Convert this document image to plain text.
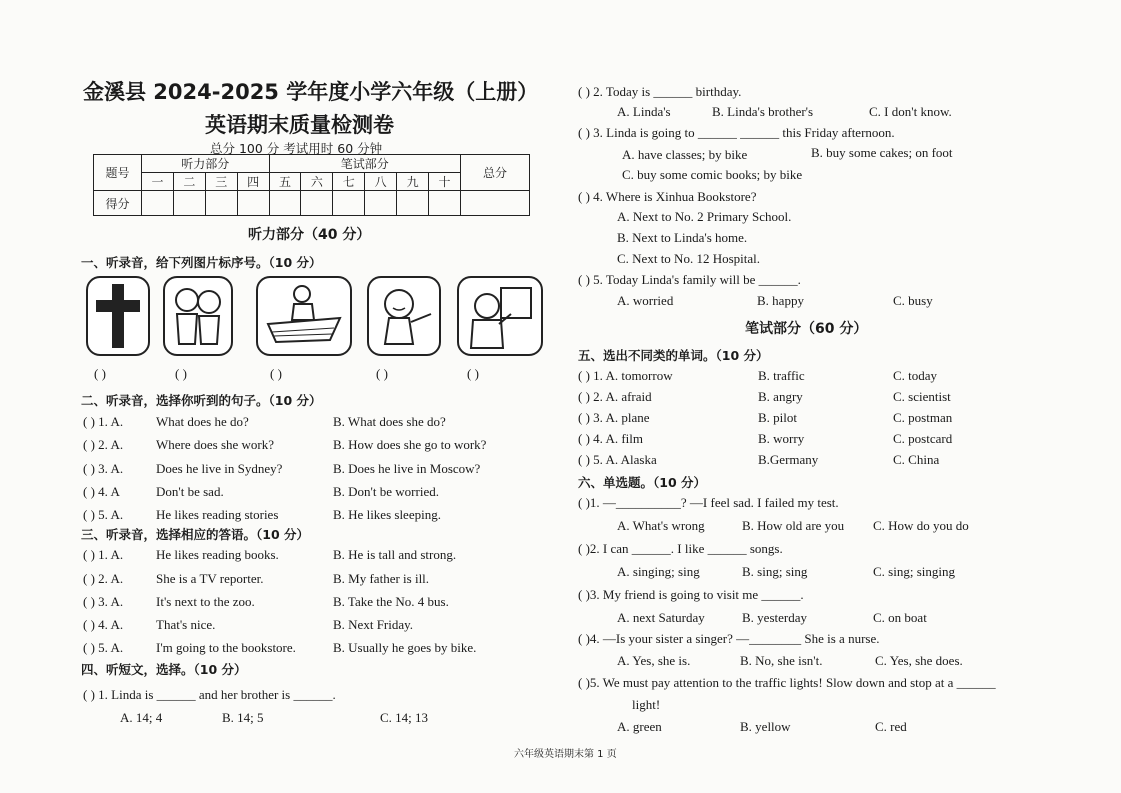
金溪县 2024-2025 学年度小学六年级（上册）
英语期末质量检测卷
总分 100 分 考试用时 60 分钟
题号	听力部分				笔试部分						总分
	一	二	三	四	五	六	七	八	九	十	
得分											
听力部分（40 分）
一、听录音，给下列图片标序号。（10 分）
( )	( )	( )	( )	( )
二、听录音，选择你听到的句子。（10 分）
( ) 1. A.	What does he do?	B. What does she do?
( ) 2. A.	Where does she work?	B. How does she go to work?
( ) 3. A.	Does he live in Sydney?	B. Does he live in Moscow?
( ) 4. A	Don't be sad.	B. Don't be worried.
( ) 5. A.	He likes reading stories	B. He likes sleeping.
三、听录音，选择相应的答语。（10 分）
( ) 1. A.	He likes reading books.	B. He is tall and strong.
( ) 2. A.	She is a TV reporter.	B. My father is ill.
( ) 3. A.	It's next to the zoo.	B. Take the No. 4 bus.
( ) 4. A.	That's nice.	B. Next Friday.
( ) 5. A.	I'm going to the bookstore.	B. Usually he goes by bike.
四、听短文，选择。（10 分）
( ) 1. Linda is ______ and her brother is ______.
A. 14; 4	B. 14; 5	C. 14; 13
( ) 2. Today is ______ birthday.
A. Linda's	B. Linda's brother's	C. I don't know.
( ) 3. Linda is going to ______ ______ this Friday afternoon.
A. have classes; by bike	B. buy some cakes; on foot
C. buy some comic books; by bike
( ) 4. Where is Xinhua Bookstore?
A. Next to No. 2 Primary School.
B. Next to Linda's home.
C. Next to No. 12 Hospital.
( ) 5. Today Linda's family will be ______.
A. worried	B. happy	C. busy
笔试部分（60 分）
五、选出不同类的单词。（10 分）
( ) 1. A. tomorrow	B. traffic	C. today
( ) 2. A. afraid	B. angry	C. scientist
( ) 3. A. plane	B. pilot	C. postman
( ) 4. A. film	B. worry	C. postcard
( ) 5. A. Alaska	B.Germany	C. China
六、单选题。（10 分）
( )1. —__________? —I feel sad. I failed my test.
A. What's wrong	B. How old are you C. How do you do
( )2. I can ______. I like ______ songs.
A. singing; sing	B. sing; sing	C. sing; singing
( )3. My friend is going to visit me ______.
A. next Saturday	B. yesterday	C. on boat
( )4. —Is your sister a singer? —________ She is a nurse.
A. Yes, she is.	B. No, she isn't.	C. Yes, she does.
( )5. We must pay attention to the traffic lights! Slow down and stop at a ______
light!
A. green	B. yellow	C. red
六年级英语期末第 1 页
